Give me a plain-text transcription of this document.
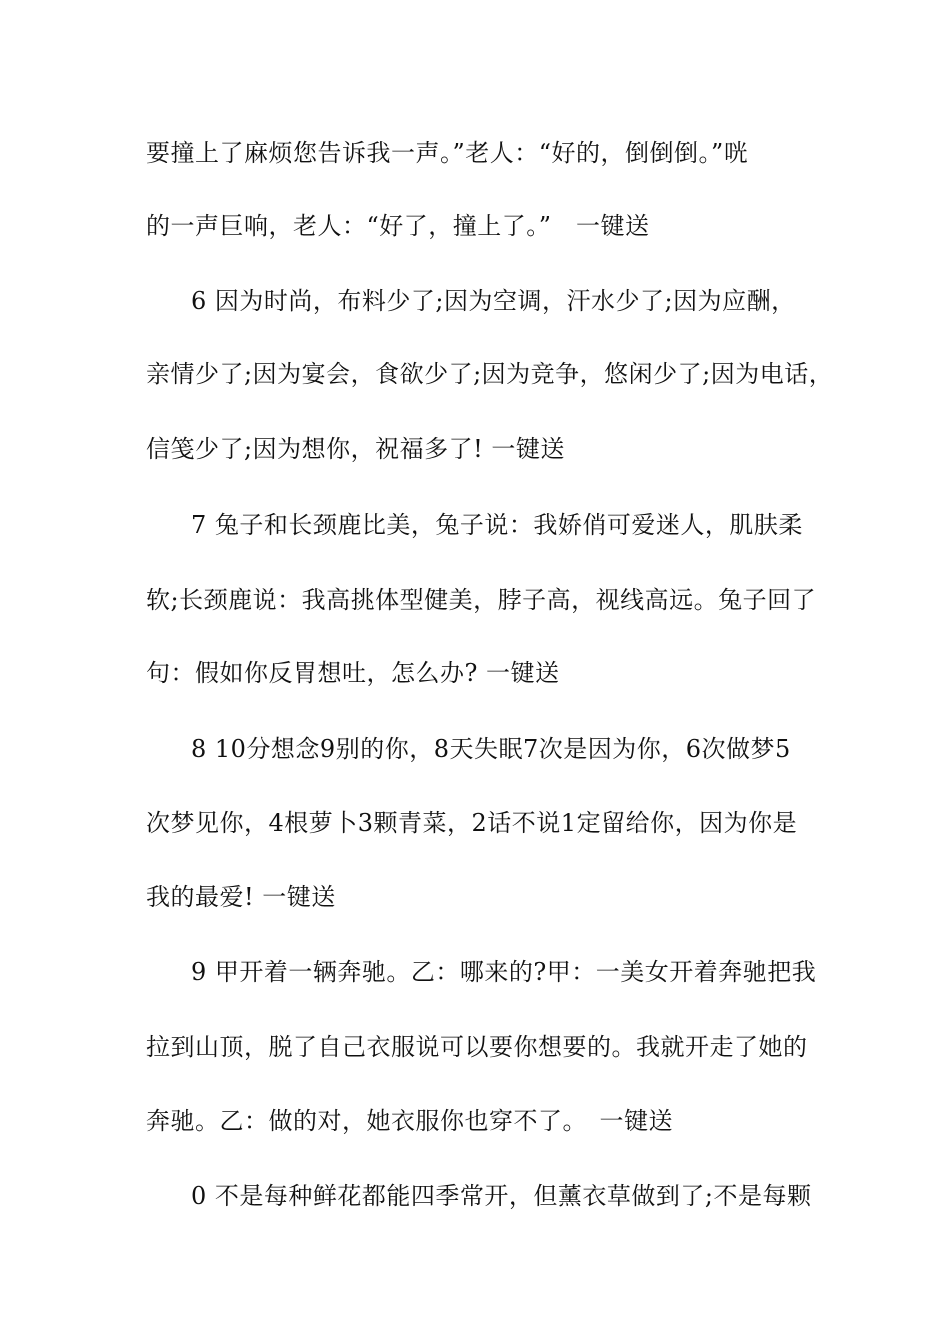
要撞上了麻烦您告诉我一声。”老人：“好的，倒倒倒。”咣
的一声巨响，老人：“好了，撞上了。”　一键送
6 因为时尚，布料少了;因为空调，汗水少了;因为应酬，
亲情少了;因为宴会，食欲少了;因为竞争，悠闲少了;因为电话，
信笺少了;因为想你，祝福多了! 一键送
7 兔子和长颈鹿比美，兔子说：我娇俏可爱迷人，肌肤柔
软;长颈鹿说：我高挑体型健美，脖子高，视线高远。兔子回了
句：假如你反胃想吐，怎么办? 一键送
8 10分想念9别的你，8天失眠7次是因为你，6次做梦5
次梦见你，4根萝卜3颗青菜，2话不说1定留给你，因为你是
我的最爱! 一键送
9 甲开着一辆奔驰。乙：哪来的?甲：一美女开着奔驰把我
拉到山顶，脱了自己衣服说可以要你想要的。我就开走了她的
奔驰。乙：做的对，她衣服你也穿不了。　一键送
0 不是每种鲜花都能四季常开，但薰衣草做到了;不是每颗
